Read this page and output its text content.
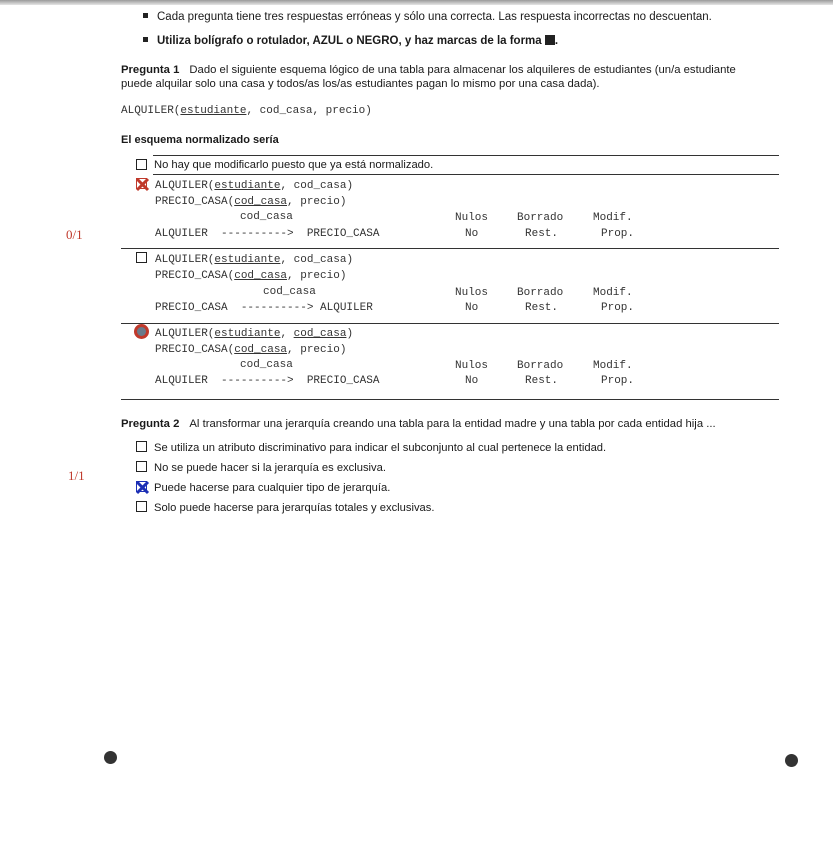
Cada pregunta tiene tres respuestas erróneas y sólo una correcta. Las respuesta incorrectas no descuentan.
Utiliza bolígrafo o rotulador, AZUL o NEGRO, y haz marcas de la forma .
Pregunta 1 Dado el siguiente esquema lógico de una tabla para almacenar los alquileres de estudiantes (un/a estudiante
puede alquilar solo una casa y todos/as los/as estudiantes pagan lo mismo por una casa dada).
ALQUILER(estudiante, cod_casa, precio)
El esquema normalizado sería
0/1
No hay que modificarlo puesto que ya está normalizado.
ALQUILER(estudiante, cod_casa)
PRECIO_CASA(cod_casa, precio)
cod_casa
ALQUILER  ---------->  PRECIO_CASA
Nulos	Borrado	Modif.
No	Rest.	Prop.
ALQUILER(estudiante, cod_casa)
PRECIO_CASA(cod_casa, precio)
cod_casa
PRECIO_CASA  ----------> ALQUILER
Nulos	Borrado	Modif.
No	Rest.	Prop.
ALQUILER(estudiante, cod_casa)
PRECIO_CASA(cod_casa, precio)
cod_casa
ALQUILER  ---------->  PRECIO_CASA
Nulos	Borrado	Modif.
No	Rest.	Prop.
Pregunta 2 Al transformar una jerarquía creando una tabla para la entidad madre y una tabla por cada entidad hija ...
1/1
Se utiliza un atributo discriminativo para indicar el subconjunto al cual pertenece la entidad.
No se puede hacer si la jerarquía es exclusiva.
Puede hacerse para cualquier tipo de jerarquía.
Solo puede hacerse para jerarquías totales y exclusivas.
